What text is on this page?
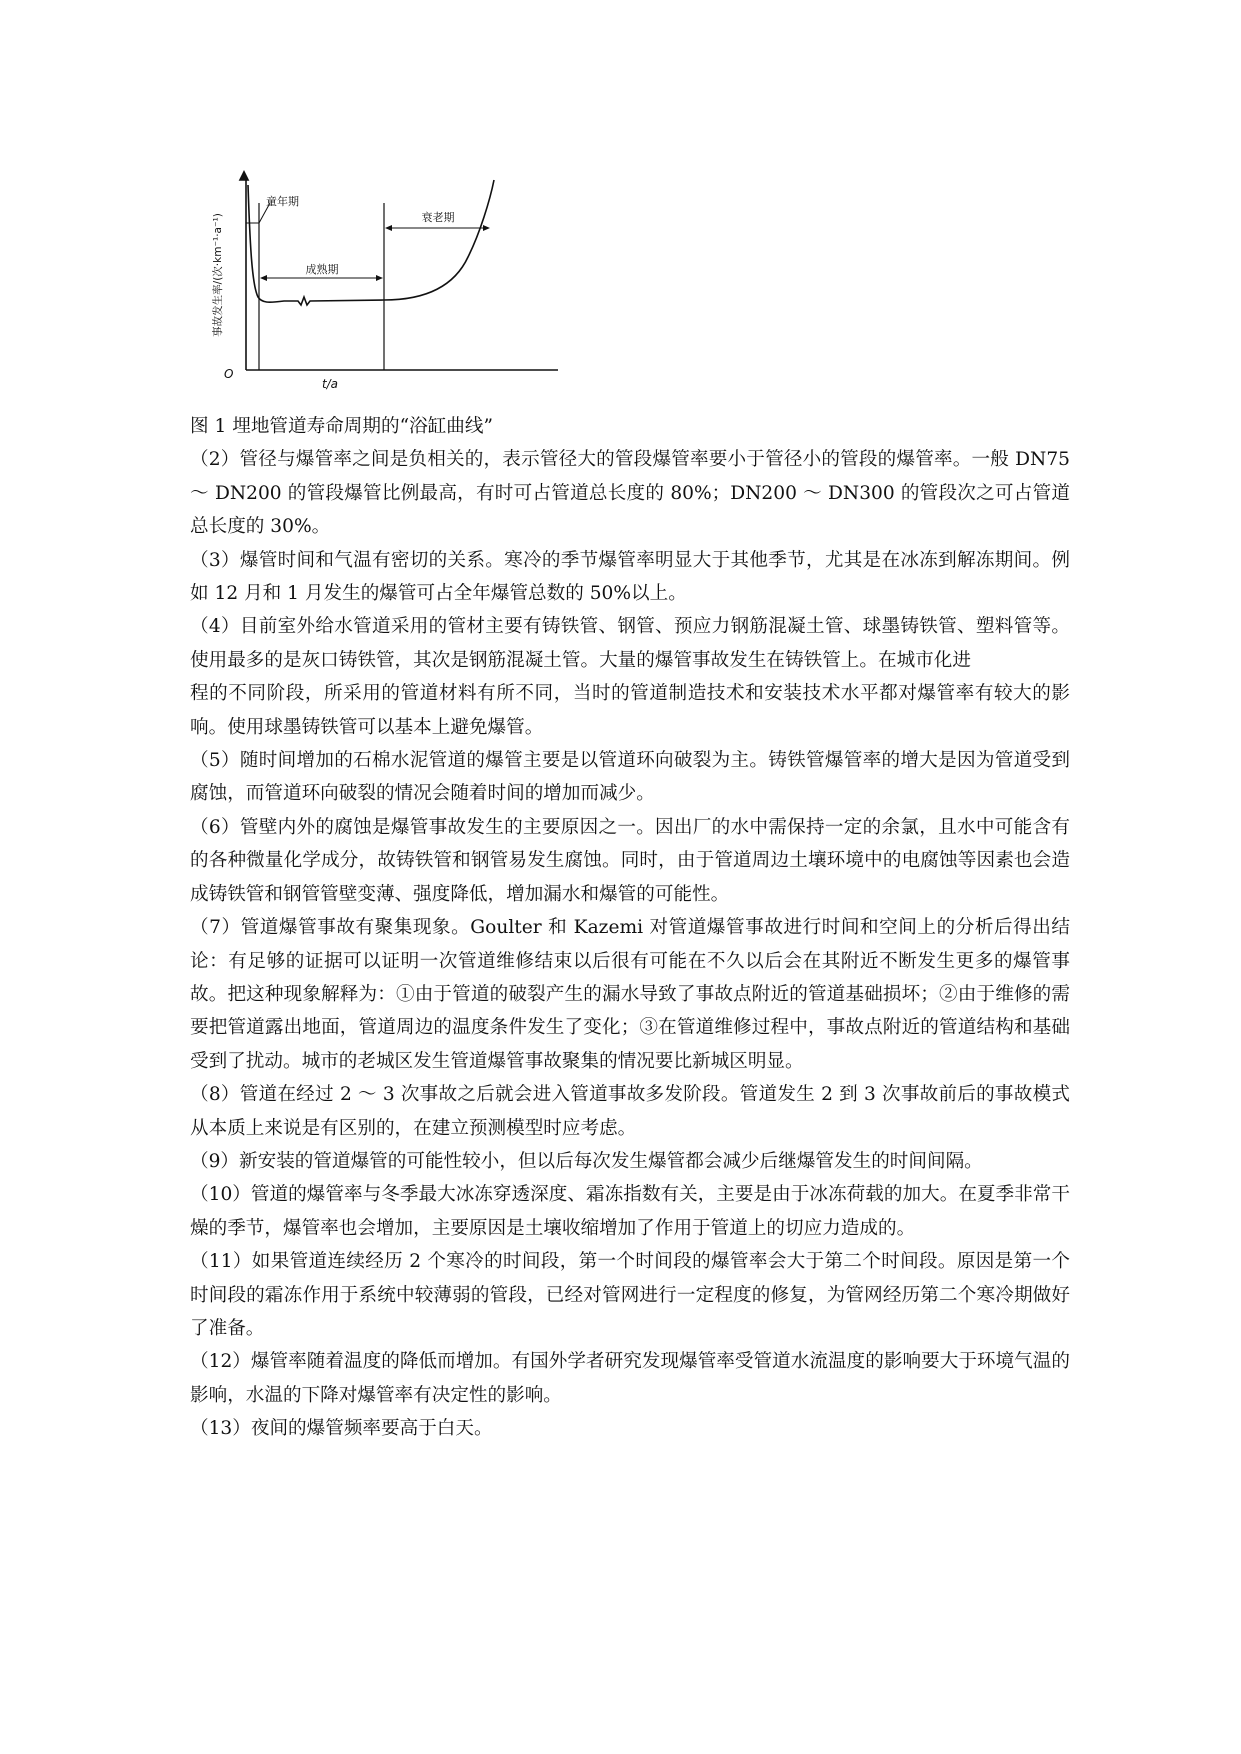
▲
童年期
成熟期
衰老期
事故发生率/(次·km⁻¹·a⁻¹)
t/a
O

图 1 埋地管道寿命周期的“浴缸曲线”

（2）管径与爆管率之间是负相关的，表示管径大的管段爆管率要小于管径小的管段的爆管率。一般 DN75 ～ DN200 的管段爆管比例最高，有时可占管道总长度的 80%；DN200 ～ DN300 的管段次之可占管道总长度的 30%。

（3）爆管时间和气温有密切的关系。寒冷的季节爆管率明显大于其他季节，尤其是在冰冻到解冻期间。例如 12 月和 1 月发生的爆管可占全年爆管总数的 50%以上。

（4）目前室外给水管道采用的管材主要有铸铁管、钢管、预应力钢筋混凝土管、球墨铸铁管、塑料管等。使用最多的是灰口铸铁管，其次是钢筋混凝土管。大量的爆管事故发生在铸铁管上。在城市化进

程的不同阶段，所采用的管道材料有所不同，当时的管道制造技术和安装技术水平都对爆管率有较大的影响。使用球墨铸铁管可以基本上避免爆管。

（5）随时间增加的石棉水泥管道的爆管主要是以管道环向破裂为主。铸铁管爆管率的增大是因为管道受到腐蚀，而管道环向破裂的情况会随着时间的增加而减少。

（6）管壁内外的腐蚀是爆管事故发生的主要原因之一。因出厂的水中需保持一定的余氯，且水中可能含有的各种微量化学成分，故铸铁管和钢管易发生腐蚀。同时，由于管道周边土壤环境中的电腐蚀等因素也会造成铸铁管和钢管管壁变薄、强度降低，增加漏水和爆管的可能性。

（7）管道爆管事故有聚集现象。Goulter 和 Kazemi 对管道爆管事故进行时间和空间上的分析后得出结论：有足够的证据可以证明一次管道维修结束以后很有可能在不久以后会在其附近不断发生更多的爆管事故。把这种现象解释为：①由于管道的破裂产生的漏水导致了事故点附近的管道基础损坏；②由于维修的需要把管道露出地面，管道周边的温度条件发生了变化；③在管道维修过程中，事故点附近的管道结构和基础受到了扰动。城市的老城区发生管道爆管事故聚集的情况要比新城区明显。

（8）管道在经过 2 ～ 3 次事故之后就会进入管道事故多发阶段。管道发生 2 到 3 次事故前后的事故模式从本质上来说是有区别的，在建立预测模型时应考虑。

（9）新安装的管道爆管的可能性较小，但以后每次发生爆管都会减少后继爆管发生的时间间隔。

（10）管道的爆管率与冬季最大冰冻穿透深度、霜冻指数有关，主要是由于冰冻荷载的加大。在夏季非常干燥的季节，爆管率也会增加，主要原因是土壤收缩增加了作用于管道上的切应力造成的。

（11）如果管道连续经历 2 个寒冷的时间段，第一个时间段的爆管率会大于第二个时间段。原因是第一个时间段的霜冻作用于系统中较薄弱的管段，已经对管网进行一定程度的修复，为管网经历第二个寒冷期做好了准备。

（12）爆管率随着温度的降低而增加。有国外学者研究发现爆管率受管道水流温度的影响要大于环境气温的影响，水温的下降对爆管率有决定性的影响。

（13）夜间的爆管频率要高于白天。
